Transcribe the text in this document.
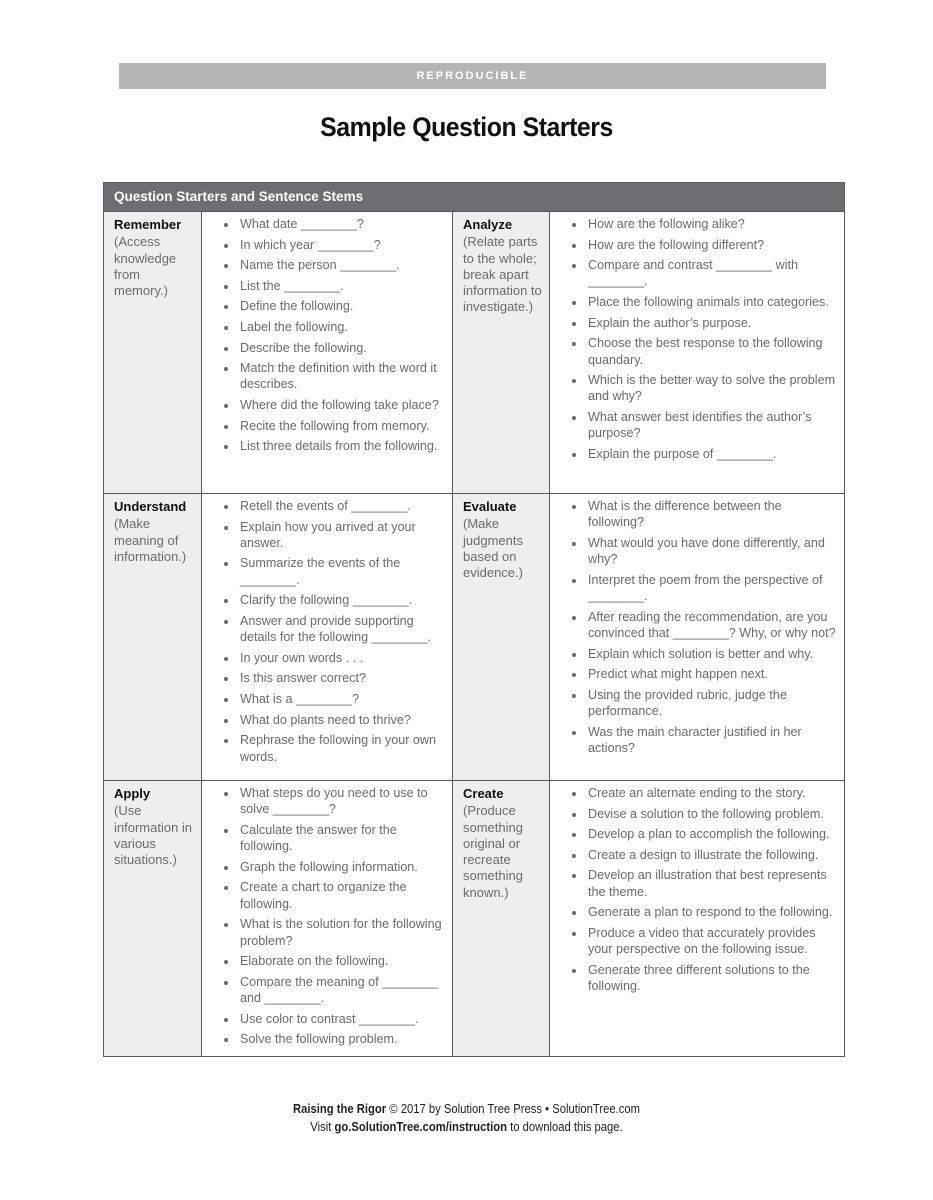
REPRODUCIBLE
Sample Question Starters
Question Starters and Sentence Stems
Remember
(Access knowledge from memory.)
• What date ________?
• In which year ________?
• Name the person ________.
• List the ________.
• Define the following.
• Label the following.
• Describe the following.
• Match the definition with the word it describes.
• Where did the following take place?
• Recite the following from memory.
• List three details from the following.
Analyze
(Relate parts to the whole; break apart information to investigate.)
• How are the following alike?
• How are the following different?
• Compare and contrast ________ with ________.
• Place the following animals into categories.
• Explain the author’s purpose.
• Choose the best response to the following quandary.
• Which is the better way to solve the problem and why?
• What answer best identifies the author’s purpose?
• Explain the purpose of ________.
Understand
(Make meaning of information.)
• Retell the events of ________.
• Explain how you arrived at your answer.
• Summarize the events of the ________.
• Clarify the following ________.
• Answer and provide supporting details for the following ________.
• In your own words . . .
• Is this answer correct?
• What is a ________?
• What do plants need to thrive?
• Rephrase the following in your own words.
Evaluate
(Make judgments based on evidence.)
• What is the difference between the following?
• What would you have done differently, and why?
• Interpret the poem from the perspective of ________.
• After reading the recommendation, are you convinced that ________? Why, or why not?
• Explain which solution is better and why.
• Predict what might happen next.
• Using the provided rubric, judge the performance.
• Was the main character justified in her actions?
Apply
(Use information in various situations.)
• What steps do you need to use to solve ________?
• Calculate the answer for the following.
• Graph the following information.
• Create a chart to organize the following.
• What is the solution for the following problem?
• Elaborate on the following.
• Compare the meaning of ________ and ________.
• Use color to contrast ________.
• Solve the following problem.
Create
(Produce something original or recreate something known.)
• Create an alternate ending to the story.
• Devise a solution to the following problem.
• Develop a plan to accomplish the following.
• Create a design to illustrate the following.
• Develop an illustration that best represents the theme.
• Generate a plan to respond to the following.
• Produce a video that accurately provides your perspective on the following issue.
• Generate three different solutions to the following.
Raising the Rigor © 2017 by Solution Tree Press • SolutionTree.com
Visit go.SolutionTree.com/instruction to download this page.
